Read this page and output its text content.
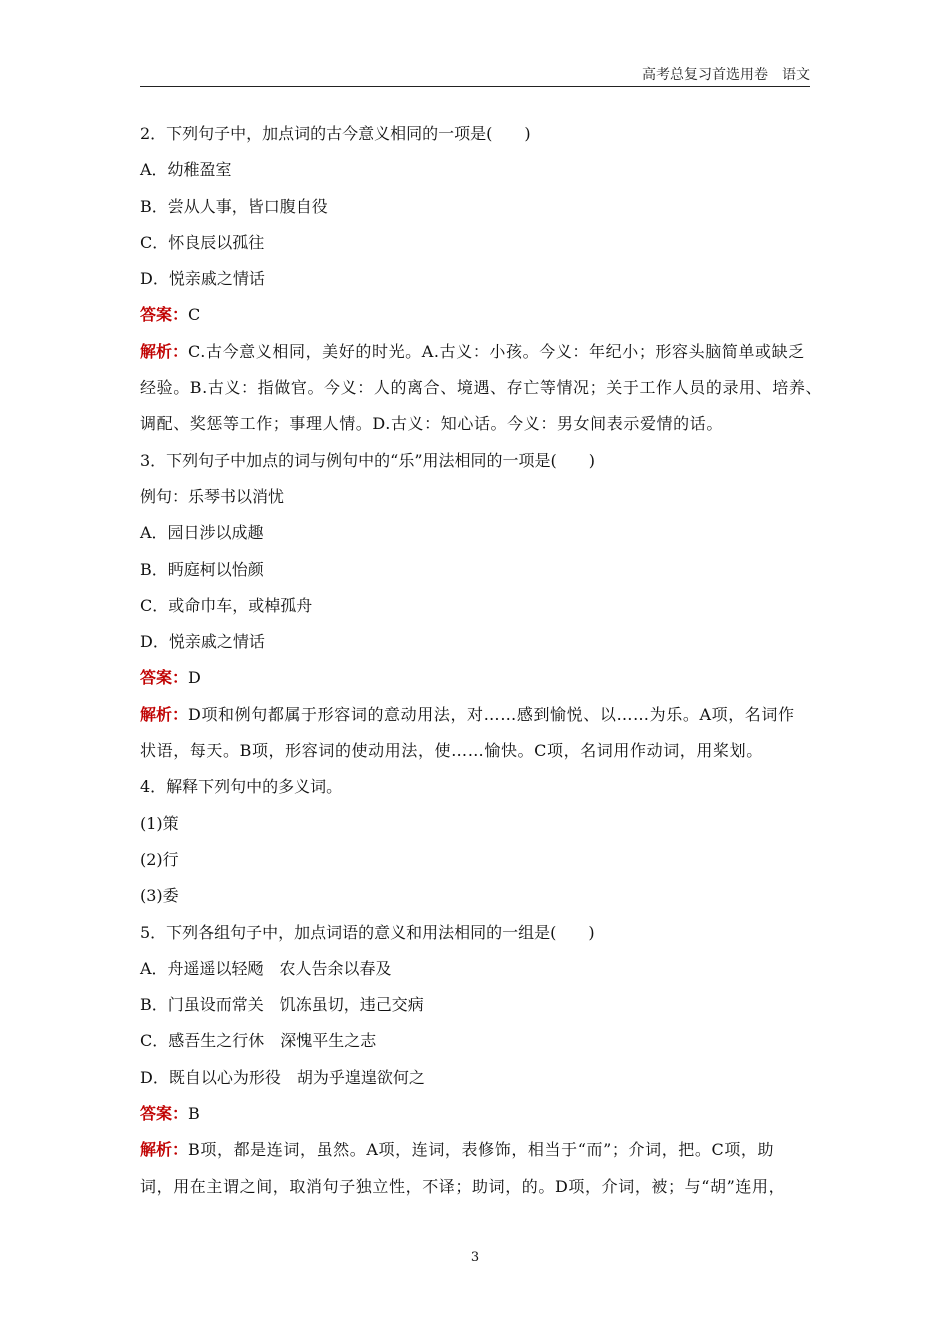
高考总复习首选用卷　语文
2．下列句子中，加点词的古今意义相同的一项是(　　)
A．幼稚盈室
B．尝从人事，皆口腹自役
C．怀良辰以孤往
D．悦亲戚之情话
答案：C
解析：C.古今意义相同，美好的时光。A.古义：小孩。今义：年纪小；形容头脑简单或缺乏
经验。B.古义：指做官。今义：人的离合、境遇、存亡等情况；关于工作人员的录用、培养、
调配、奖惩等工作；事理人情。D.古义：知心话。今义：男女间表示爱情的话。
3．下列句子中加点的词与例句中的“乐”用法相同的一项是(　　)
例句：乐琴书以消忧
A．园日涉以成趣
B．眄庭柯以怡颜
C．或命巾车，或棹孤舟
D．悦亲戚之情话
答案：D
解析：D项和例句都属于形容词的意动用法，对……感到愉悦、以……为乐。A项，名词作
状语，每天。B项，形容词的使动用法，使……愉快。C项，名词用作动词，用桨划。
4．解释下列句中的多义词。
(1)策
(2)行
(3)委
5．下列各组句子中，加点词语的意义和用法相同的一组是(　　)
A．舟遥遥以轻飏　农人告余以春及
B．门虽设而常关　饥冻虽切，违己交病
C．感吾生之行休　深愧平生之志
D．既自以心为形役　胡为乎遑遑欲何之
答案：B
解析：B项，都是连词，虽然。A项，连词，表修饰，相当于“而”；介词，把。C项，助
词，用在主谓之间，取消句子独立性，不译；助词，的。D项，介词，被；与“胡”连用，
3
